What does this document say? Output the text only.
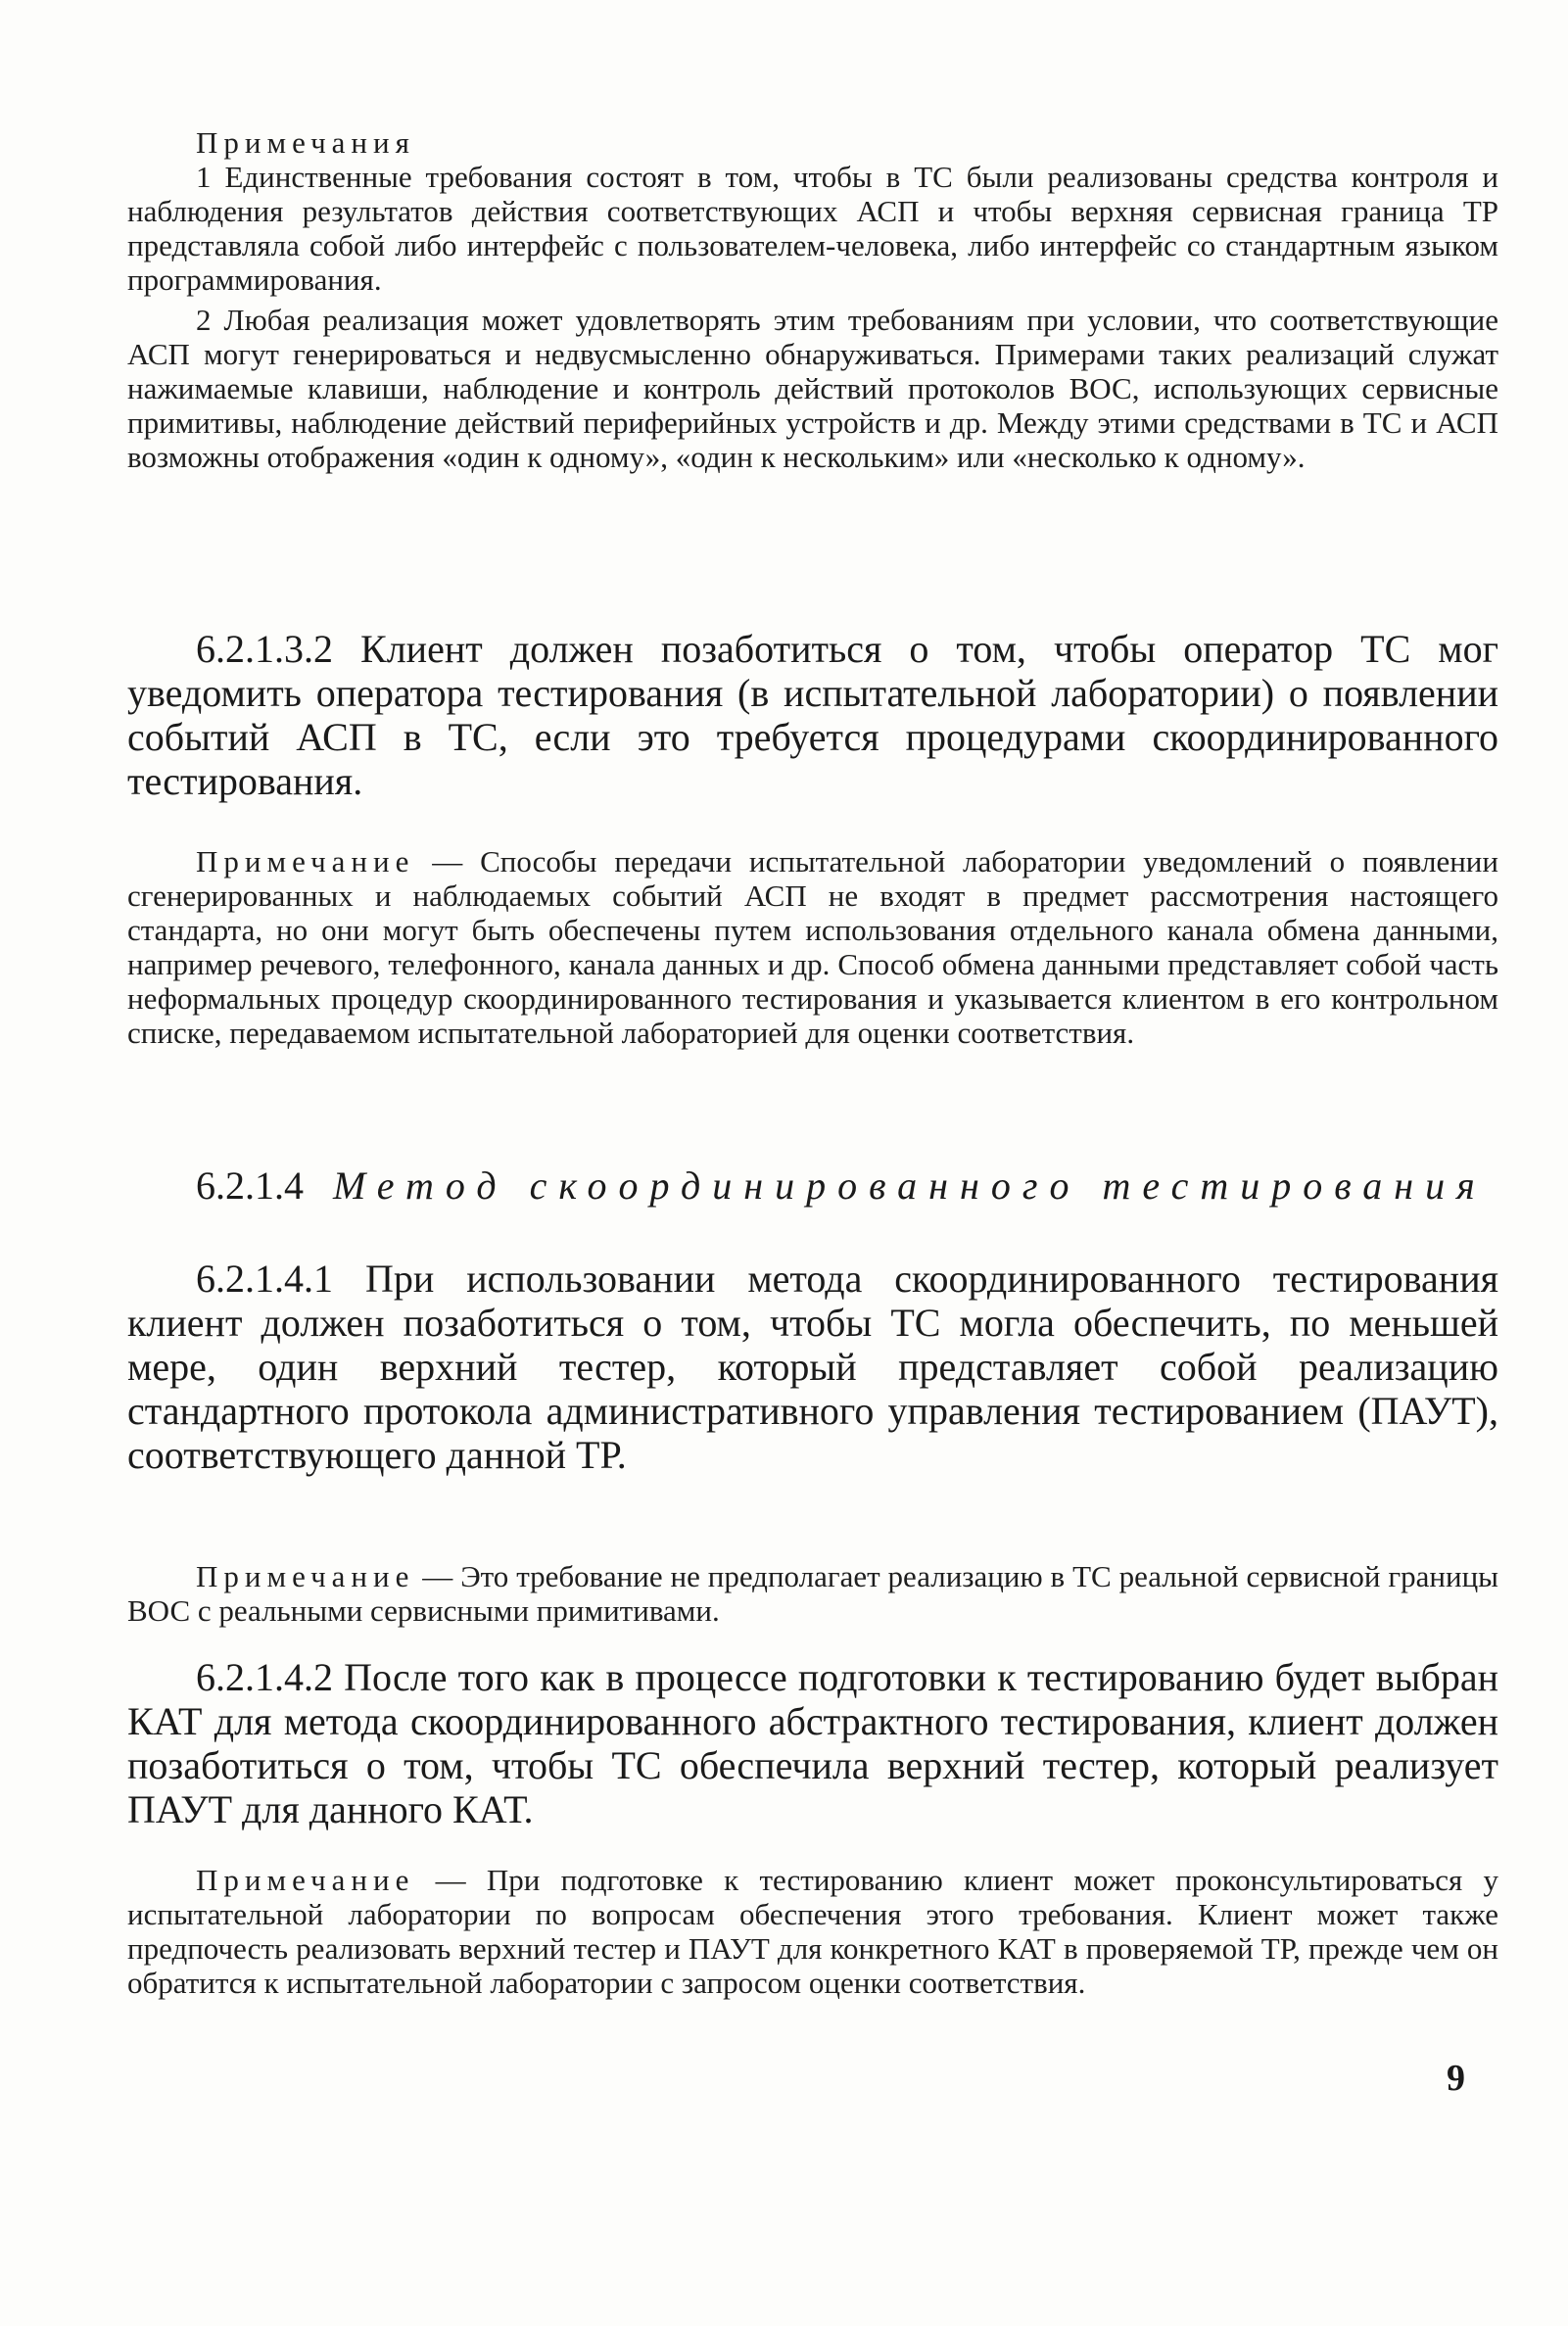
Примечания

1 Единственные требования состоят в том, чтобы в ТС были реализованы средства контроля и наблюдения результатов действия соответствующих АСП и чтобы верхняя сервисная граница ТР представляла собой либо интерфейс с пользователем-человека, либо интерфейс со стандартным языком программирования.

2 Любая реализация может удовлетворять этим требованиям при условии, что соответствующие АСП могут генерироваться и недвусмысленно обнаруживаться. Примерами таких реализаций служат нажимаемые клавиши, наблюдение и контроль действий протоколов ВОС, использующих сервисные примитивы, наблюдение действий периферийных устройств и др. Между этими средствами в ТС и АСП возможны отображения «один к одному», «один к нескольким» или «несколько к одному».

6.2.1.3.2 Клиент должен позаботиться о том, чтобы оператор ТС мог уведомить оператора тестирования (в испытательной лаборатории) о появлении событий АСП в ТС, если это требуется процедурами скоординированного тестирования.

Примечание — Способы передачи испытательной лаборатории уведомлений о появлении сгенерированных и наблюдаемых событий АСП не входят в предмет рассмотрения настоящего стандарта, но они могут быть обеспечены путем использования отдельного канала обмена данными, например речевого, телефонного, канала данных и др. Способ обмена данными представляет собой часть неформальных процедур скоординированного тестирования и указывается клиентом в его контрольном списке, передаваемом испытательной лабораторией для оценки соответствия.

6.2.1.4 Метод скоординированного тестирования

6.2.1.4.1 При использовании метода скоординированного тестирования клиент должен позаботиться о том, чтобы ТС могла обеспечить, по меньшей мере, один верхний тестер, который представляет собой реализацию стандартного протокола административного управления тестированием (ПАУТ), соответствующего данной ТР.

Примечание — Это требование не предполагает реализацию в ТС реальной сервисной границы ВОС с реальными сервисными примитивами.

6.2.1.4.2 После того как в процессе подготовки к тестированию будет выбран КАТ для метода скоординированного абстрактного тестирования, клиент должен позаботиться о том, чтобы ТС обеспечила верхний тестер, который реализует ПАУТ для данного КАТ.

Примечание — При подготовке к тестированию клиент может проконсультироваться у испытательной лаборатории по вопросам обеспечения этого требования. Клиент может также предпочесть реализовать верхний тестер и ПАУТ для конкретного КАТ в проверяемой ТР, прежде чем он обратится к испытательной лаборатории с запросом оценки соответствия.

9
